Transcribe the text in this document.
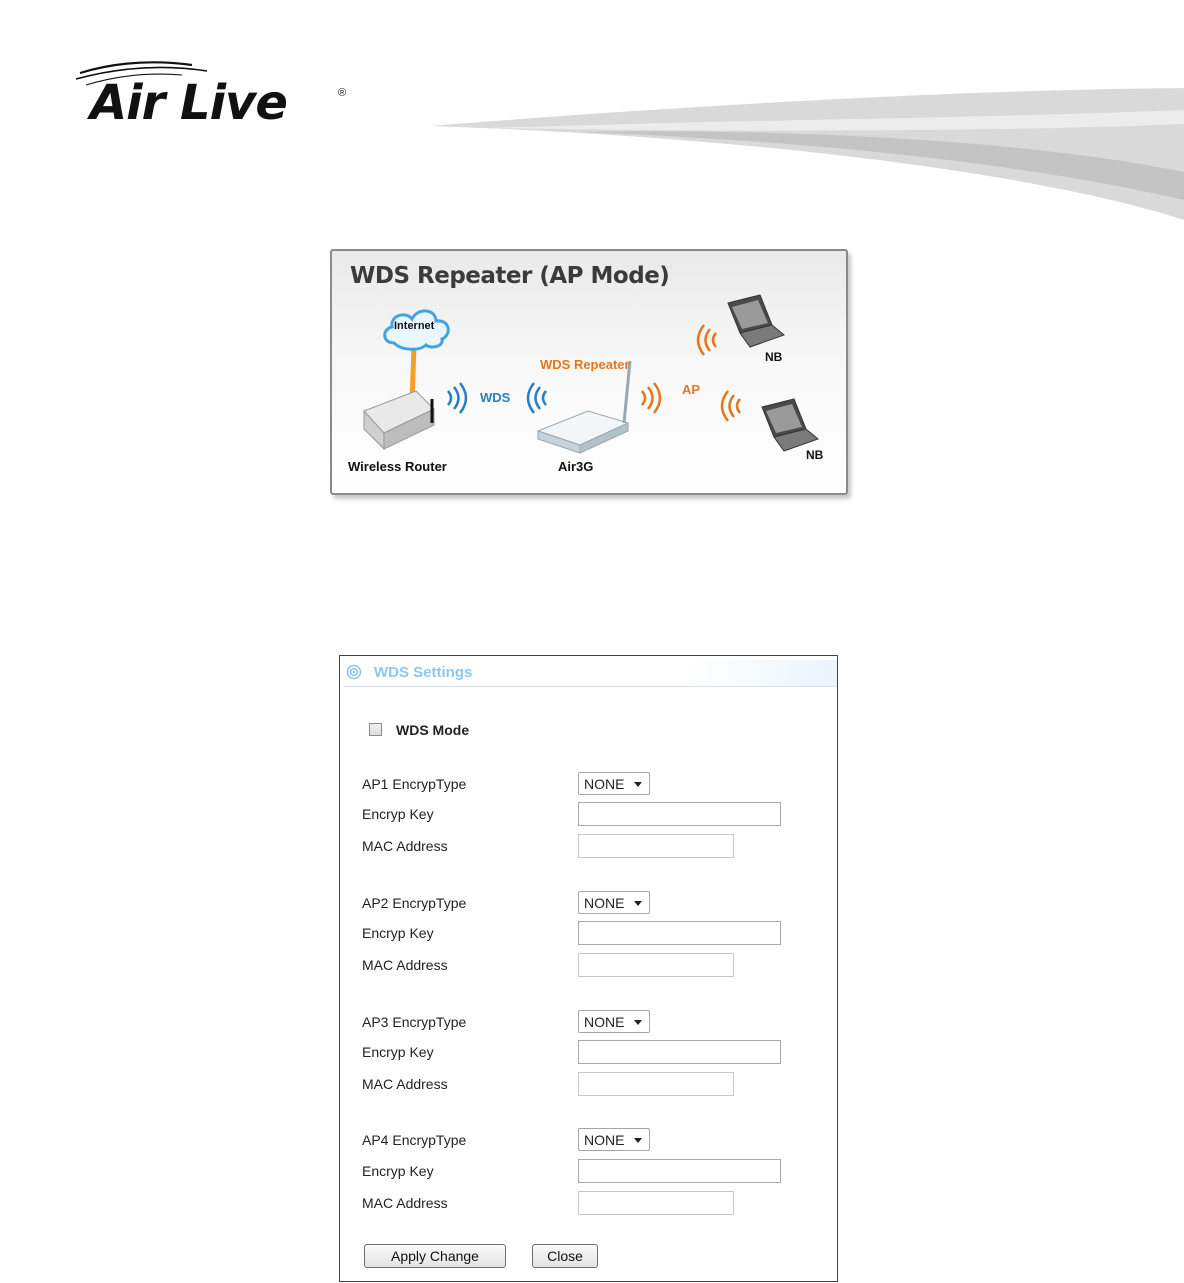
Air Live	®
WDS Repeater (AP Mode)
Internet
WDS Repeater
WDS
AP
NB
NB
Wireless Router	Air3G
WDS Settings
WDS Mode
AP1 EncrypType	NONE
Encryp Key
MAC Address
AP2 EncrypType	NONE
Encryp Key
MAC Address
AP3 EncrypType	NONE
Encryp Key
MAC Address
AP4 EncrypType	NONE
Encryp Key
MAC Address
Apply Change	Close
